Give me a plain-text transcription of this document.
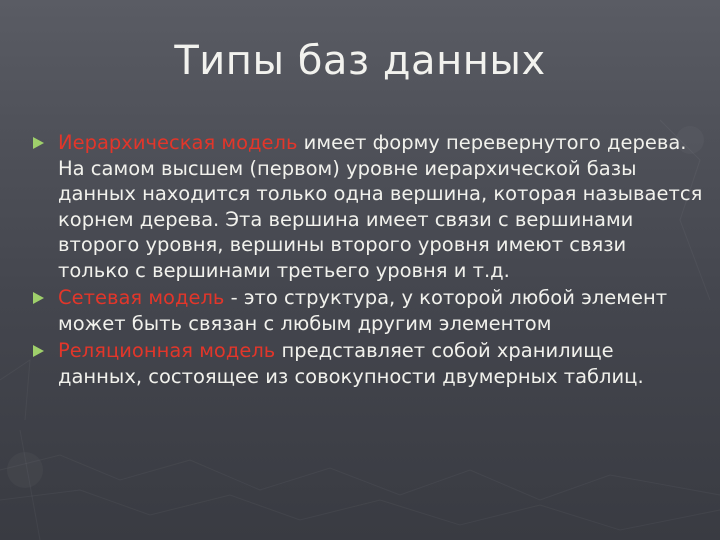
Типы баз данных
Иерархическая модель имеет форму перевернутого дерева. На самом высшем (первом) уровне иерархической базы данных находится только одна вершина, которая называется корнем дерева. Эта вершина имеет связи с вершинами второго уровня, вершины второго уровня имеют связи только с вершинами третьего уровня и т.д.
Сетевая модель - это структура, у которой любой элемент может быть связан с любым другим элементом
Реляционная модель представляет собой хранилище данных, состоящее из совокупности двумерных таблиц.
